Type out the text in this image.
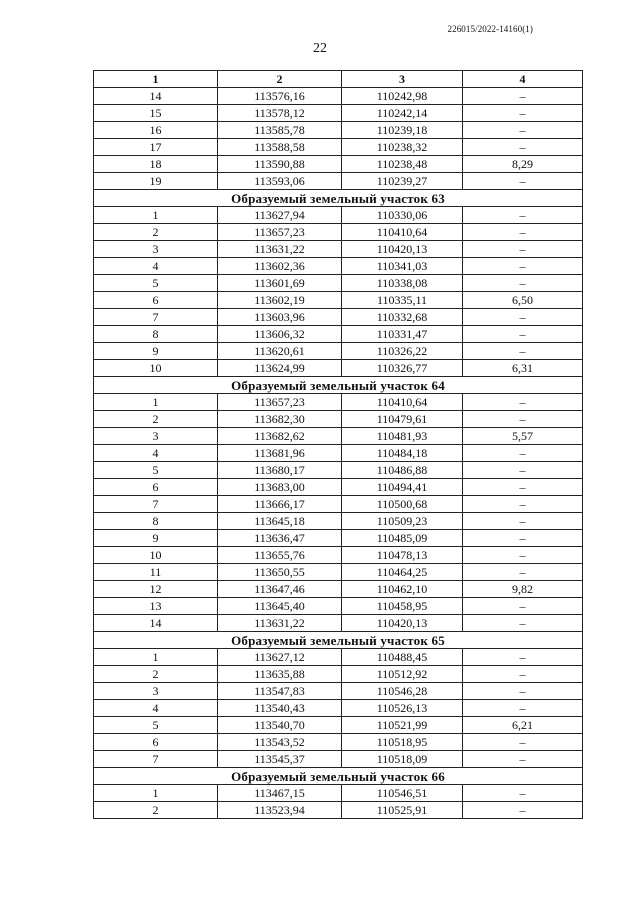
226015/2022-14160(1)
22
1	2	3	4
14	113576,16	110242,98	–
15	113578,12	110242,14	–
16	113585,78	110239,18	–
17	113588,58	110238,32	–
18	113590,88	110238,48	8,29
19	113593,06	110239,27	–
Образуемый земельный участок 63			
1	113627,94	110330,06	–
2	113657,23	110410,64	–
3	113631,22	110420,13	–
4	113602,36	110341,03	–
5	113601,69	110338,08	–
6	113602,19	110335,11	6,50
7	113603,96	110332,68	–
8	113606,32	110331,47	–
9	113620,61	110326,22	–
10	113624,99	110326,77	6,31
Образуемый земельный участок 64			
1	113657,23	110410,64	–
2	113682,30	110479,61	–
3	113682,62	110481,93	5,57
4	113681,96	110484,18	–
5	113680,17	110486,88	–
6	113683,00	110494,41	–
7	113666,17	110500,68	–
8	113645,18	110509,23	–
9	113636,47	110485,09	–
10	113655,76	110478,13	–
11	113650,55	110464,25	–
12	113647,46	110462,10	9,82
13	113645,40	110458,95	–
14	113631,22	110420,13	–
Образуемый земельный участок 65			
1	113627,12	110488,45	–
2	113635,88	110512,92	–
3	113547,83	110546,28	–
4	113540,43	110526,13	–
5	113540,70	110521,99	6,21
6	113543,52	110518,95	–
7	113545,37	110518,09	–
Образуемый земельный участок 66			
1	113467,15	110546,51	–
2	113523,94	110525,91	–
